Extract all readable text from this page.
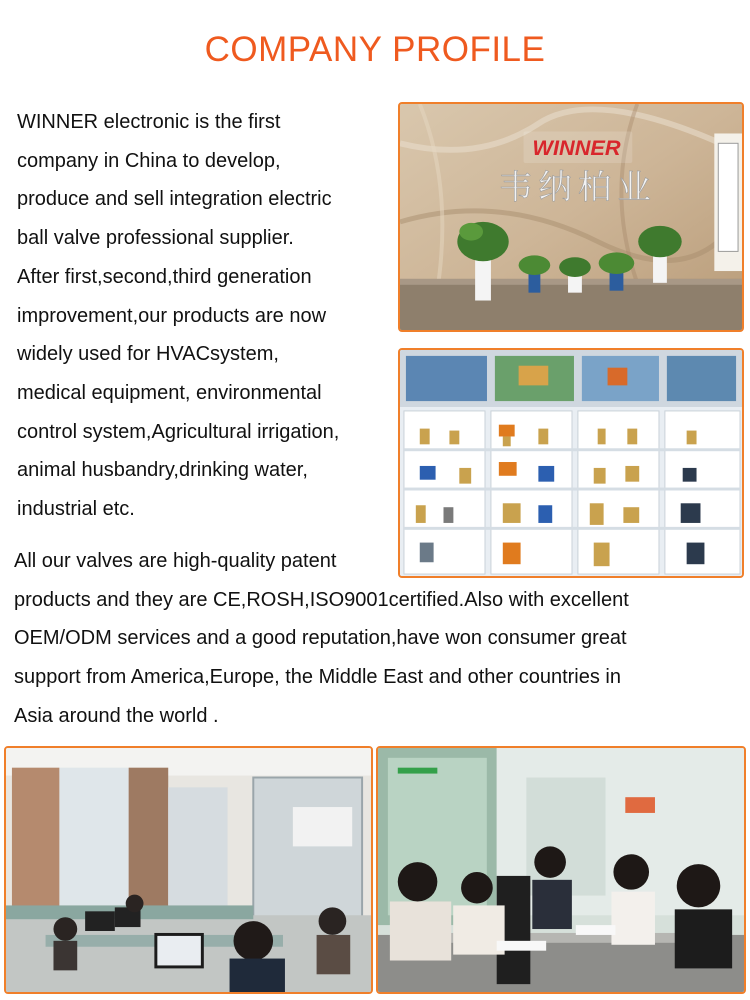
COMPANY PROFILE
WINNER electronic is the first
company in China to develop,
produce and sell integration electric
ball valve professional supplier.
After first,second,third generation
improvement,our products are now
widely used for HVACsystem,
medical equipment, environmental
control system,Agricultural irrigation,
animal husbandry,drinking water,
industrial etc.
WINNER
韦纳柏业
All our valves are high-quality patent
products and they are CE,ROSH,ISO9001certified.Also with excellent
OEM/ODM services and a good reputation,have won consumer great
support from America,Europe, the Middle East and other countries in
Asia around the world .
